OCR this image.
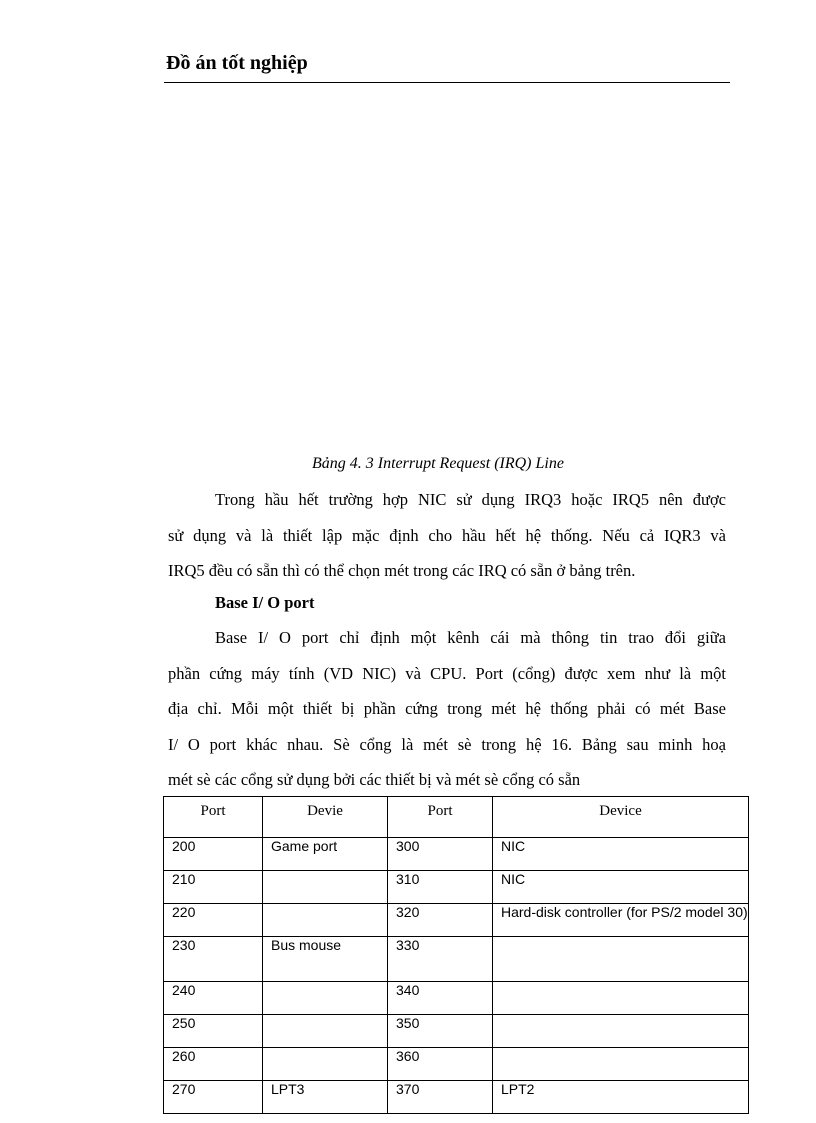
Đồ án tốt nghiệp
Bảng 4. 3 Interrupt Request (IRQ) Line
Trong hầu hết trường hợp NIC sử dụng IRQ3 hoặc IRQ5 nên được
sử dụng và là thiết lập mặc định cho hầu hết hệ thống. Nếu cả IQR3 và
IRQ5 đều có sẵn thì có thể chọn mét trong các IRQ có sẵn ở bảng trên.
Base I/ O port
Base I/ O port chỉ định một kênh cái mà thông tin trao đổi giữa
phần cứng máy tính (VD NIC) và CPU. Port (cổng) được xem như là một
địa chỉ. Mỗi một thiết bị phần cứng trong mét hệ thống phải có mét Base
I/ O port khác nhau. Sè cổng là mét sè trong hệ 16. Bảng sau minh hoạ
mét sè các cổng sử dụng bởi các thiết bị và mét sè cổng có sẵn
Port	Devie	Port	Device
200	Game port	300	NIC
210		310	NIC
220		320	Hard-disk controller (for PS/2 model 30)
230	Bus mouse	330	
240		340	
250		350	
260		360	
270	LPT3	370	LPT2
